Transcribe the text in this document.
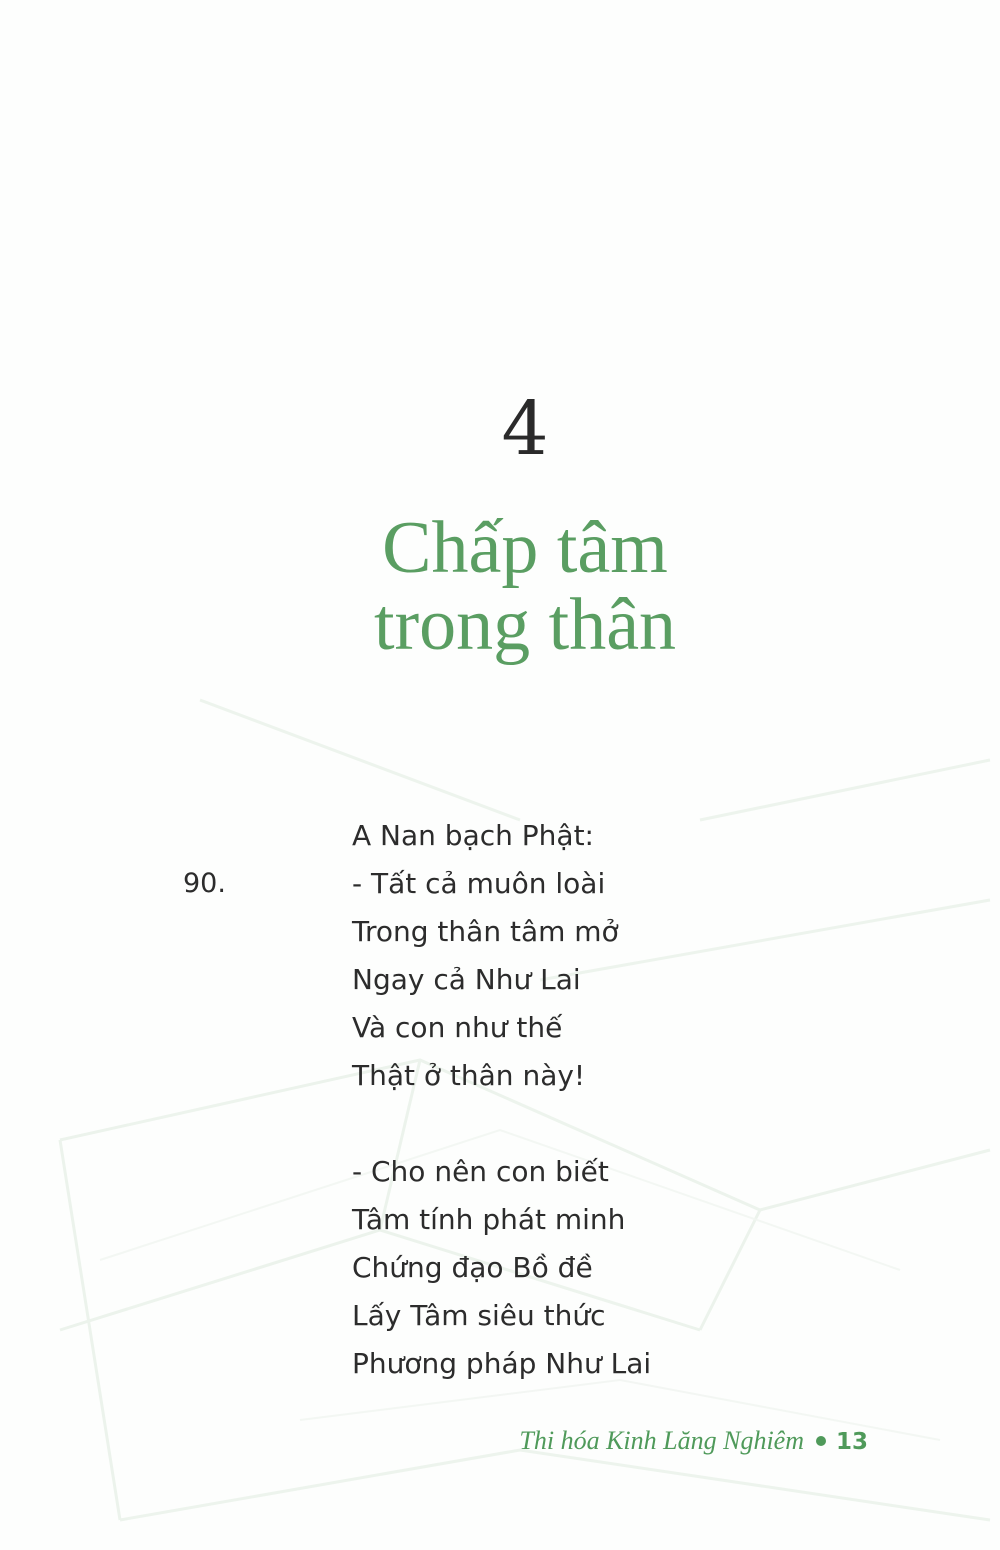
4
Chấp tâm
trong thân
90.
A Nan bạch Phật:
- Tất cả muôn loài
Trong thân tâm mở
Ngay cả Như Lai
Và con như thế
Thật ở thân này!
- Cho nên con biết
Tâm tính phát minh
Chứng đạo Bồ đề
Lấy Tâm siêu thức
Phương pháp Như Lai
Thi hóa Kinh Lăng Nghiêm 13
